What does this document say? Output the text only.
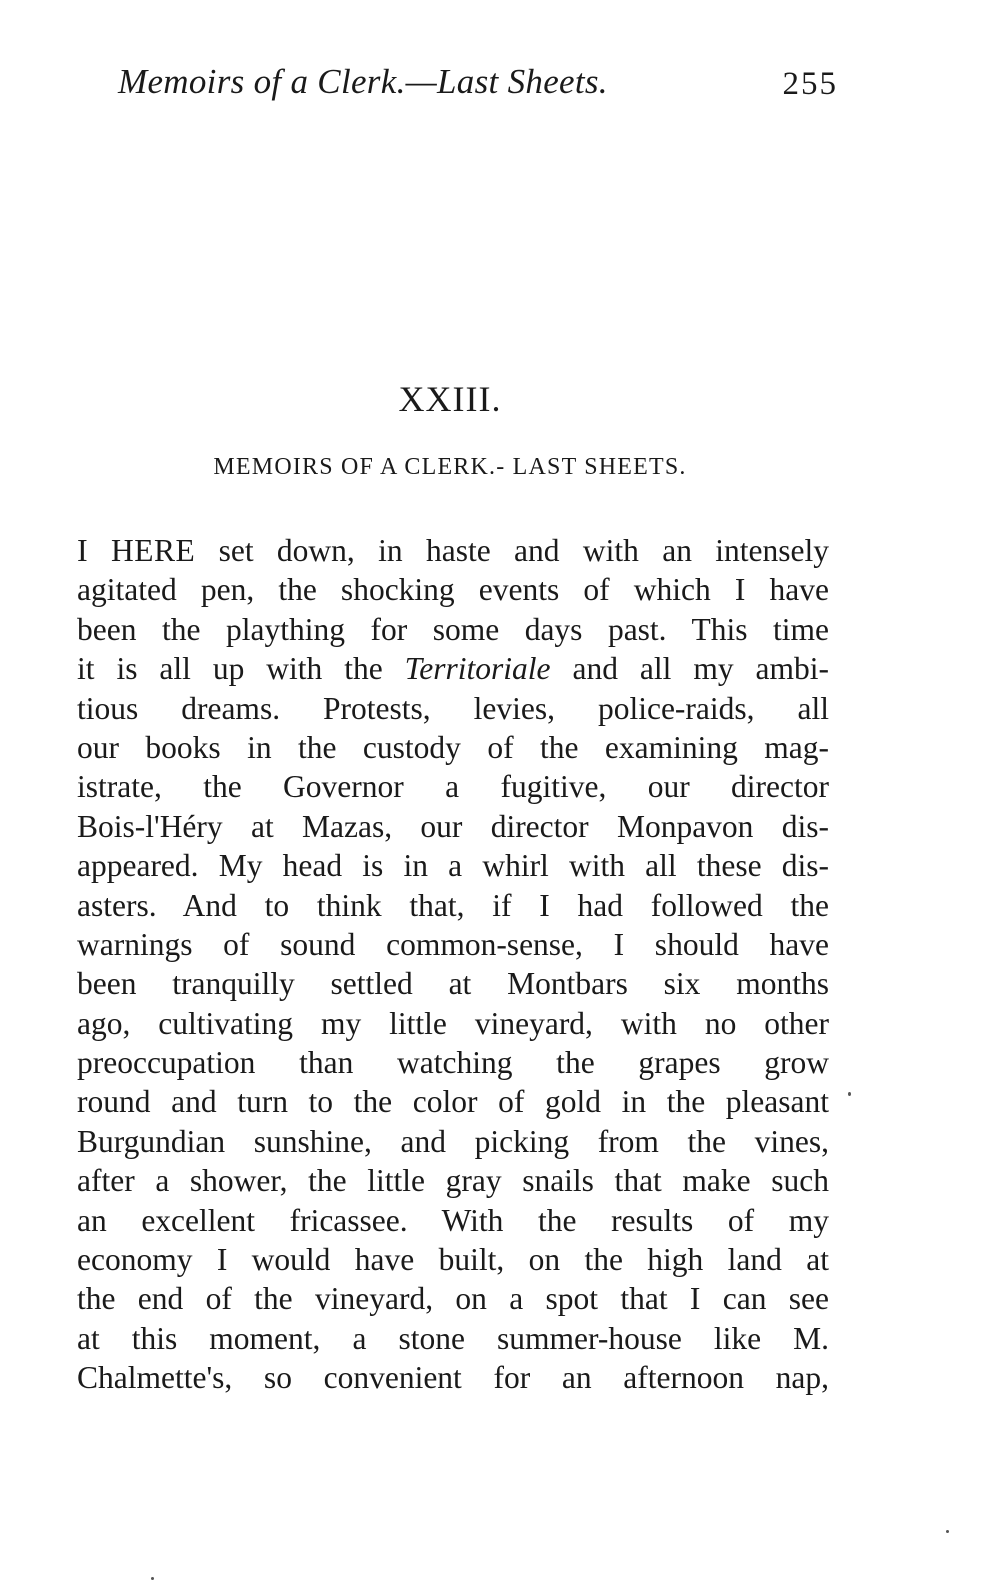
Memoirs of a Clerk.—Last Sheets.	255
XXIII.
MEMOIRS OF A CLERK.- LAST SHEETS.
I HERE set down, in haste and with an intensely
agitated pen, the shocking events of which I have
been the plaything for some days past. This time
it is all up with the Territoriale and all my ambi-
tious dreams. Protests, levies, police-raids, all
our books in the custody of the examining mag-
istrate, the Governor a fugitive, our director
Bois-l'Héry at Mazas, our director Monpavon dis-
appeared. My head is in a whirl with all these dis-
asters. And to think that, if I had followed the
warnings of sound common-sense, I should have
been tranquilly settled at Montbars six months
ago, cultivating my little vineyard, with no other
preoccupation than watching the grapes grow
round and turn to the color of gold in the pleasant
Burgundian sunshine, and picking from the vines,
after a shower, the little gray snails that make such
an excellent fricassee. With the results of my
economy I would have built, on the high land at
the end of the vineyard, on a spot that I can see
at this moment, a stone summer-house like M.
Chalmette's, so convenient for an afternoon nap,
